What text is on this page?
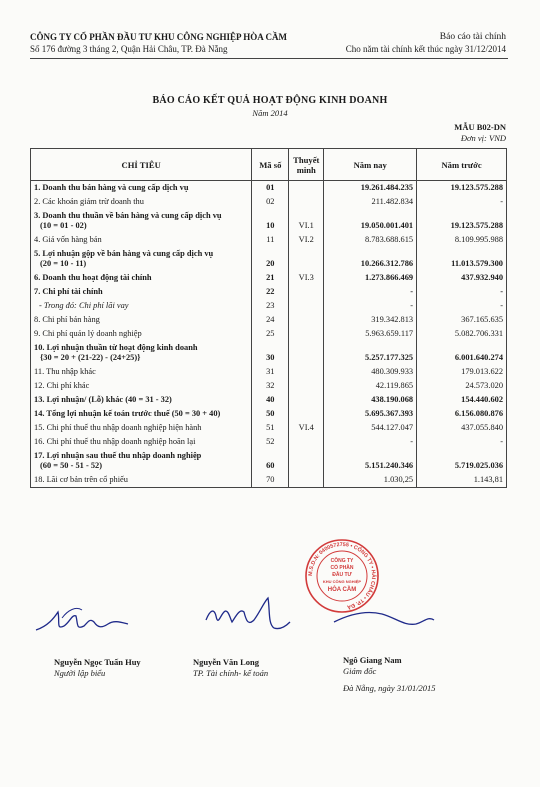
CÔNG TY CỔ PHẦN ĐẦU TƯ KHU CÔNG NGHIỆP HÒA CẦM
Số 176 đường 3 tháng 2, Quận Hải Châu, TP. Đà Nẵng
Báo cáo tài chính
Cho năm tài chính kết thúc ngày 31/12/2014
BÁO CÁO KẾT QUẢ HOẠT ĐỘNG KINH DOANH
Năm 2014
MẪU B02-DN
Đơn vị: VND
CHỈ TIÊU	Mã số	Thuyết minh	Năm nay	Năm trước

1. Doanh thu bán hàng và cung cấp dịch vụ	01		19.261.484.235	19.123.575.288

2. Các khoản giảm trừ doanh thu	02		211.482.834	-

3. Doanh thu thuần về bán hàng và cung cấp dịch vụ
(10 = 01 - 02)	10	VI.1	19.050.001.401	19.123.575.288

4. Giá vốn hàng bán	11	VI.2	8.783.688.615	8.109.995.988

5. Lợi nhuận gộp về bán hàng và cung cấp dịch vụ
(20 = 10 - 11)	20		10.266.312.786	11.013.579.300

6. Doanh thu hoạt động tài chính	21	VI.3	1.273.866.469	437.932.940

7. Chi phí tài chính	22		-	-

- Trong đó: Chi phí lãi vay	23		-	-

8. Chi phí bán hàng	24		319.342.813	367.165.635

9. Chi phí quản lý doanh nghiệp	25		5.963.659.117	5.082.706.331

10. Lợi nhuận thuần từ hoạt động kinh doanh
{30 = 20 + (21-22) - (24+25)}	30		5.257.177.325	6.001.640.274

11. Thu nhập khác	31		480.309.933	179.013.622

12. Chi phí khác	32		42.119.865	24.573.020

13. Lợi nhuận/ (Lỗ) khác (40 = 31 - 32)	40		438.190.068	154.440.602

14. Tổng lợi nhuận kế toán trước thuế (50 = 30 + 40)	50		5.695.367.393	6.156.080.876

15. Chi phí thuế thu nhập doanh nghiệp hiện hành	51	VI.4	544.127.047	437.055.840

16. Chi phí thuế thu nhập doanh nghiệp hoãn lại	52		-	-

17. Lợi nhuận sau thuế thu nhập doanh nghiệp
(60 = 50 - 51 - 52)	60		5.151.240.346	5.719.025.036

18. Lãi cơ bản trên cổ phiếu	70		1.030,25	1.143,81
M.S.D.N: 0400572755 • CÔNG TY • HẢI CHÂU • TP. ĐÀ
CÔNG TY
CỔ PHẦN
ĐẦU TƯ
KHU CÔNG NGHIỆP
HÒA CẦM
Nguyễn Ngọc Tuấn Huy
Người lập biểu
Nguyễn Văn Long
TP. Tài chính- kế toán
Ngô Giang Nam
Giám đốc
Đà Nẵng, ngày 31/01/2015
